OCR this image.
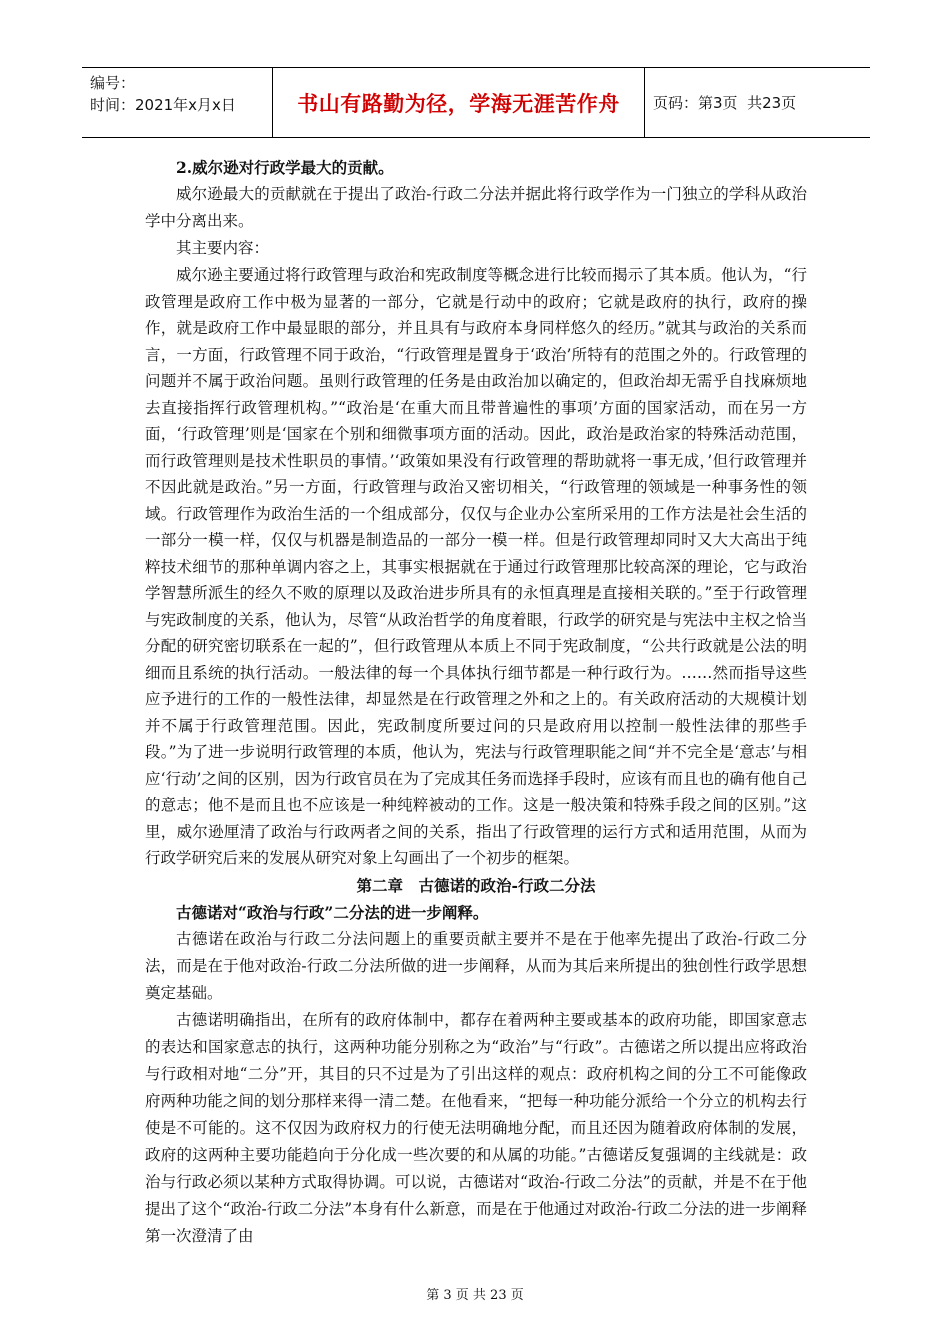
编号：
时间：2021年x月x日	书山有路勤为径，学海无涯苦作舟	页码：第3页  共23页
2.威尔逊对行政学最大的贡献。

威尔逊最大的贡献就在于提出了政治-行政二分法并据此将行政学作为一门独立的学科从政治学中分离出来。

其主要内容：

威尔逊主要通过将行政管理与政治和宪政制度等概念进行比较而揭示了其本质。他认为，“行政管理是政府工作中极为显著的一部分，它就是行动中的政府；它就是政府的执行，政府的操作，就是政府工作中最显眼的部分，并且具有与政府本身同样悠久的经历。”就其与政治的关系而言，一方面，行政管理不同于政治，“行政管理是置身于‘政治’所特有的范围之外的。行政管理的问题并不属于政治问题。虽则行政管理的任务是由政治加以确定的，但政治却无需乎自找麻烦地去直接指挥行政管理机构。”“政治是‘在重大而且带普遍性的事项’方面的国家活动，而在另一方面，‘行政管理’则是‘国家在个别和细微事项方面的活动。因此，政治是政治家的特殊活动范围，而行政管理则是技术性职员的事情。’‘政策如果没有行政管理的帮助就将一事无成，’但行政管理并不因此就是政治。”另一方面，行政管理与政治又密切相关，“行政管理的领域是一种事务性的领域。行政管理作为政治生活的一个组成部分，仅仅与企业办公室所采用的工作方法是社会生活的一部分一模一样，仅仅与机器是制造品的一部分一模一样。但是行政管理却同时又大大高出于纯粹技术细节的那种单调内容之上，其事实根据就在于通过行政管理那比较高深的理论，它与政治学智慧所派生的经久不败的原理以及政治进步所具有的永恒真理是直接相关联的。”至于行政管理与宪政制度的关系，他认为，尽管“从政治哲学的角度着眼，行政学的研究是与宪法中主权之恰当分配的研究密切联系在一起的”，但行政管理从本质上不同于宪政制度，“公共行政就是公法的明细而且系统的执行活动。一般法律的每一个具体执行细节都是一种行政行为。……然而指导这些应予进行的工作的一般性法律，却显然是在行政管理之外和之上的。有关政府活动的大规模计划并不属于行政管理范围。因此，宪政制度所要过问的只是政府用以控制一般性法律的那些手段。”为了进一步说明行政管理的本质，他认为，宪法与行政管理职能之间“并不完全是‘意志’与相应‘行动’之间的区别，因为行政官员在为了完成其任务而选择手段时，应该有而且也的确有他自己的意志；他不是而且也不应该是一种纯粹被动的工作。这是一般决策和特殊手段之间的区别。”这里，威尔逊厘清了政治与行政两者之间的关系，指出了行政管理的运行方式和适用范围，从而为行政学研究后来的发展从研究对象上勾画出了一个初步的框架。

第二章　古德诺的政治-行政二分法
古德诺对“政治与行政”二分法的进一步阐释。

古德诺在政治与行政二分法问题上的重要贡献主要并不是在于他率先提出了政治-行政二分法，而是在于他对政治-行政二分法所做的进一步阐释，从而为其后来所提出的独创性行政学思想奠定基础。

古德诺明确指出，在所有的政府体制中，都存在着两种主要或基本的政府功能，即国家意志的表达和国家意志的执行，这两种功能分别称之为“政治”与“行政”。古德诺之所以提出应将政治与行政相对地“二分”开，其目的只不过是为了引出这样的观点：政府机构之间的分工不可能像政府两种功能之间的划分那样来得一清二楚。在他看来，“把每一种功能分派给一个分立的机构去行使是不可能的。这不仅因为政府权力的行使无法明确地分配，而且还因为随着政府体制的发展，政府的这两种主要功能趋向于分化成一些次要的和从属的功能。”古德诺反复强调的主线就是：政治与行政必须以某种方式取得协调。可以说，古德诺对“政治-行政二分法”的贡献，并是不在于他提出了这个“政治-行政二分法”本身有什么新意，而是在于他通过对政治-行政二分法的进一步阐释第一次澄清了由

第 3 页 共 23 页
